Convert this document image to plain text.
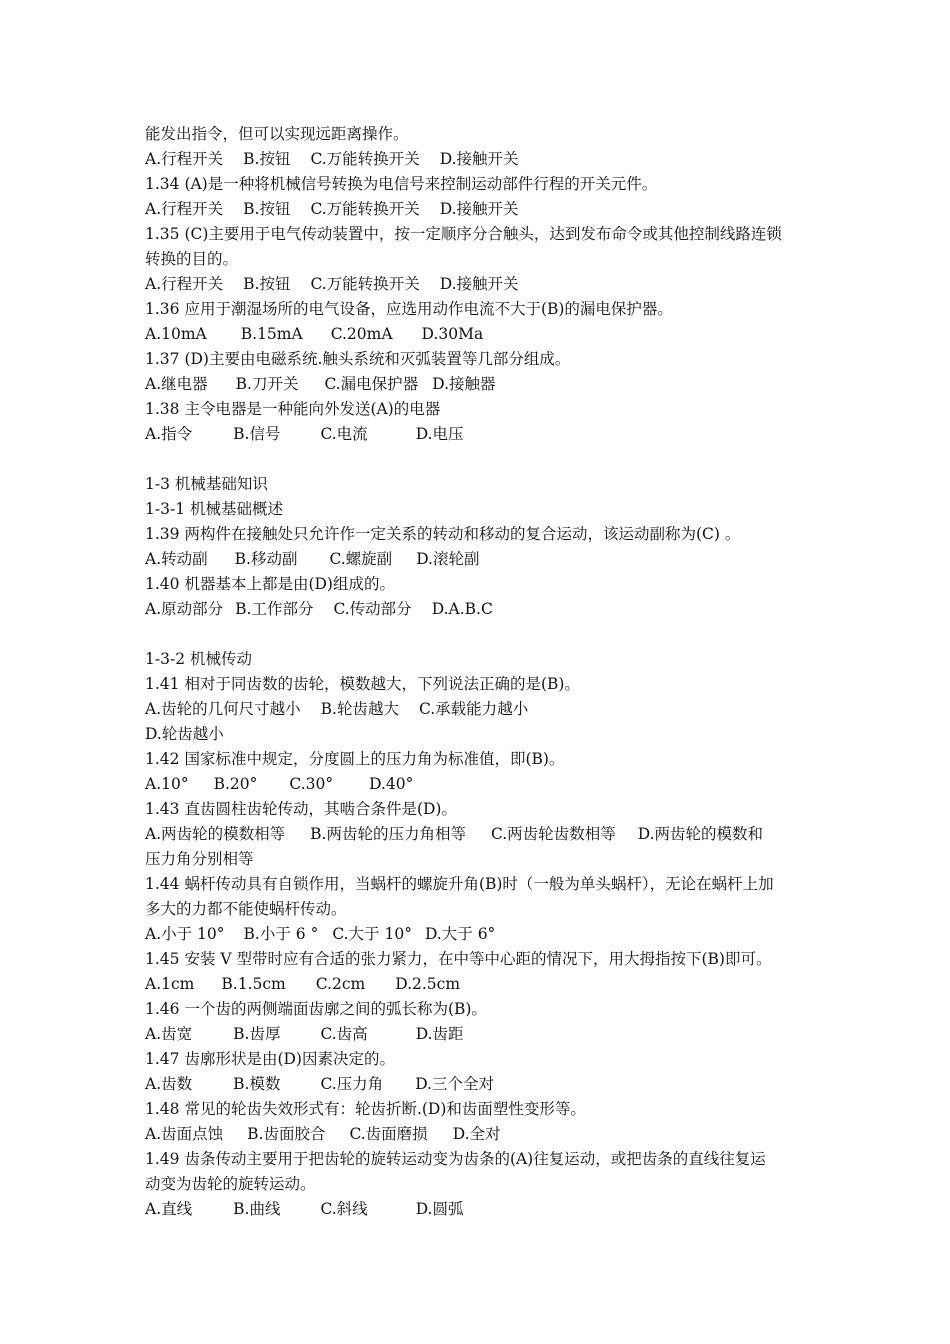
能发出指令，但可以实现远距离操作。
A.行程开关 B.按钮 C.万能转换开关 D.接触开关
1.34 (A)是一种将机械信号转换为电信号来控制运动部件行程的开关元件。
A.行程开关 B.按钮 C.万能转换开关 D.接触开关
1.35 (C)主要用于电气传动装置中，按一定顺序分合触头，达到发布命令或其他控制线路连锁
转换的目的。
A.行程开关 B.按钮 C.万能转换开关 D.接触开关
1.36 应用于潮湿场所的电气设备，应选用动作电流不大于(B)的漏电保护器。
A.10mA B.15mA C.20mA D.30Ma
1.37 (D)主要由电磁系统.触头系统和灭弧装置等几部分组成。
A.继电器 B.刀开关 C.漏电保护器 D.接触器
1.38 主令电器是一种能向外发送(A)的电器
A.指令	B.信号	C.电流	D.电压
1-3 机械基础知识
1-3-1 机械基础概述
1.39 两构件在接触处只允许作一定关系的转动和移动的复合运动，该运动副称为(C) 。
A.转动副 B.移动副 C.螺旋副 D.滚轮副
1.40 机器基本上都是由(D)组成的。
A.原动部分 B.工作部分 C.传动部分 D.A.B.C
1-3-2 机械传动
1.41 相对于同齿数的齿轮，模数越大，下列说法正确的是(B)。
A.齿轮的几何尺寸越小 B.轮齿越大 C.承载能力越小
D.轮齿越小
1.42 国家标准中规定，分度圆上的压力角为标准值，即(B)。
A.10° B.20° C.30° D.40°
1.43 直齿圆柱齿轮传动，其啮合条件是(D)。
A.两齿轮的模数相等 B.两齿轮的压力角相等 C.两齿轮齿数相等 D.两齿轮的模数和
压力角分别相等
1.44 蜗杆传动具有自锁作用，当蜗杆的螺旋升角(B)时（一般为单头蜗杆），无论在蜗杆上加
多大的力都不能使蜗杆传动。
A.小于 10° B.小于 6 ° C.大于 10° D.大于 6°
1.45 安装 V 型带时应有合适的张力紧力，在中等中心距的情况下，用大拇指按下(B)即可。
A.1cm B.1.5cm C.2cm D.2.5cm
1.46 一个齿的两侧端面齿廓之间的弧长称为(B)。
A.齿宽	B.齿厚	C.齿高	D.齿距
1.47 齿廓形状是由(D)因素决定的。
A.齿数	B.模数	C.压力角 D.三个全对
1.48 常见的轮齿失效形式有：轮齿折断.(D)和齿面塑性变形等。
A.齿面点蚀 B.齿面胶合 C.齿面磨损 D.全对
1.49 齿条传动主要用于把齿轮的旋转运动变为齿条的(A)往复运动，或把齿条的直线往复运
动变为齿轮的旋转运动。
A.直线	B.曲线	C.斜线	D.圆弧
